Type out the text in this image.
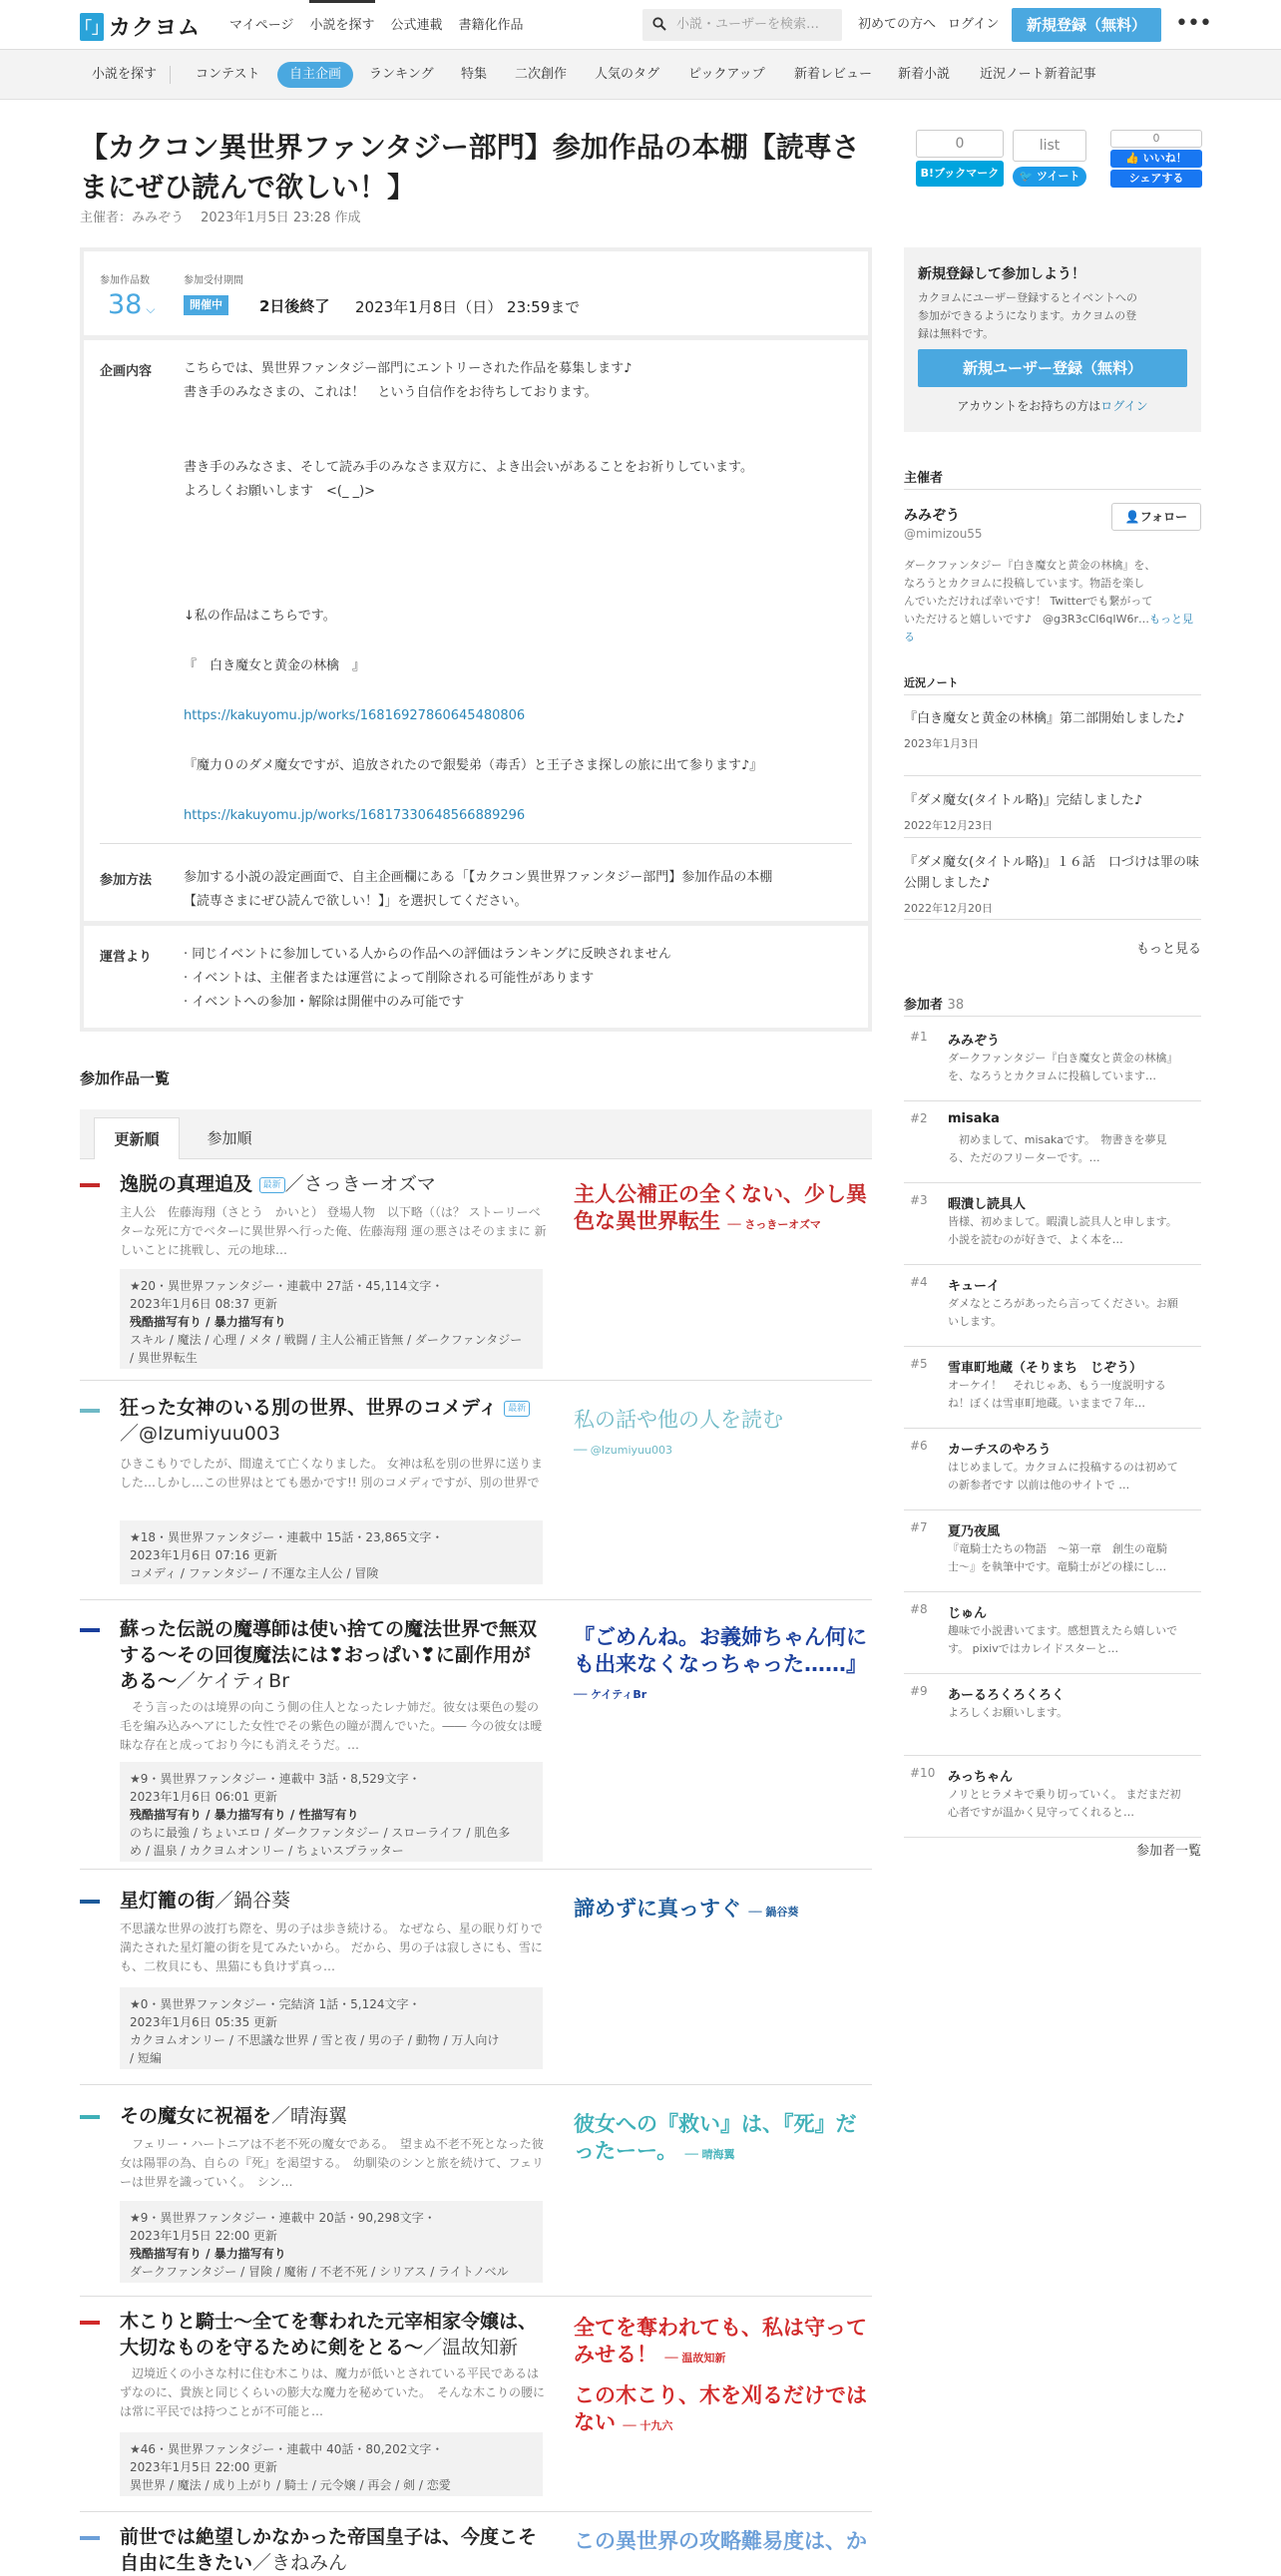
「」 カクヨム マイページ 小説を探す 公式連載 書籍化作品	小説・ユーザーを検索…	初めての方へ ログイン	新規登録（無料）	•••
小説を探す	コンテスト	自主企画	ランキング 特集 二次創作 人気のタグ ピックアップ 新着レビュー 新着小説 近況ノート新着記事
【カクコン異世界ファンタジー部門】参加作品の本棚【読専さまにぜひ読んで欲しい！】
主催者：みみぞう　 2023年1月5日 23:28 作成
0
B!ブックマーク
list
🐦 ツイート
0
👍 いいね！
シェアする
参加作品数
38 ⌵
参加受付期間
開催中	2日後終了 2023年1月8日（日） 23:59まで
企画内容 こちらでは、異世界ファンタジー部門にエントリーされた作品を募集します♪
書き手のみなさまの、これは！　という自信作をお待ちしております。
書き手のみなさま、そして読み手のみなさま双方に、よき出会いがあることをお祈りしています。
よろしくお願いします　<(_ _)>
↓私の作品はこちらです。
『　白き魔女と黄金の林檎　』
https://kakuyomu.jp/works/16816927860645480806
『魔力０のダメ魔女ですが、追放されたので銀髪弟（毒舌）と王子さま探しの旅に出て参ります♪』
https://kakuyomu.jp/works/16817330648566889296
参加方法 参加する小説の設定画面で、自主企画欄にある「【カクコン異世界ファンタジー部門】参加作品の本棚
【読専さまにぜひ読んで欲しい！】」を選択してください。
運営より · 同じイベントに参加している人からの作品への評価はランキングに反映されません
· イベントは、主催者または運営によって削除される可能性があります
· イベントへの参加・解除は開催中のみ可能です
参加作品一覧
更新順	参加順
逸脱の真理追及 最新 ／さっきーオズマ
主人公　佐藤海翔（さとう　かいと） 登場人物　以下略（（は？ ストーリーベターな死に方でベターに異世界へ行った俺、佐藤海翔 運の悪さはそのままに 新しいことに挑戦し、元の地球…
★20・異世界ファンタジー・連載中 27話・45,114文字・
2023年1月6日 08:37 更新
残酷描写有り / 暴力描写有り
スキル / 魔法 / 心理 / メタ / 戦闘 / 主人公補正皆無 / ダークファンタジー
/ 異世界転生
主人公補正の全くない、少し異色な異世界転生 ── さっきーオズマ
狂った女神のいる別の世界、世界のコメディ 最新
／@Izumiyuu003
ひきこもりでしたが、間違えて亡くなりました。 女神は私を別の世界に送りました…しかし…この世界はとても愚かです!! 別のコメディですが、別の世界で
★18・異世界ファンタジー・連載中 15話・23,865文字・
2023年1月6日 07:16 更新
コメディ / ファンタジー / 不運な主人公 / 冒険
私の話や他の人を読む
── @Izumiyuu003
蘇った伝説の魔導師は使い捨ての魔法世界で無双する〜その回復魔法には❣おっぱい❣に副作用がある〜／ケイティBr
　そう言ったのは境界の向こう側の住人となったレナ姉だ。彼女は栗色の髪の毛を編み込みヘアにした女性でその紫色の瞳が潤んでいた。―― 今の彼女は曖昧な存在と成っており今にも消えそうだ。…
★9・異世界ファンタジー・連載中 3話・8,529文字・
2023年1月6日 06:01 更新
残酷描写有り / 暴力描写有り / 性描写有り
のちに最強 / ちょいエロ / ダークファンタジー / スローライフ / 肌色多
め / 温泉 / カクヨムオンリー / ちょいスプラッター
『ごめんね。お義姉ちゃん何にも出来なくなっちゃった……』
── ケイティBr
星灯籠の街／鍋谷葵
不思議な世界の波打ち際を、男の子は歩き続ける。 なぜなら、星の眠り灯りで満たされた星灯籠の街を見てみたいから。 だから、男の子は寂しさにも、雪にも、二枚貝にも、黒猫にも負けず真っ…
★0・異世界ファンタジー・完結済 1話・5,124文字・
2023年1月6日 05:35 更新
カクヨムオンリー / 不思議な世界 / 雪と夜 / 男の子 / 動物 / 万人向け
/ 短編
諦めずに真っすぐ ── 鍋谷葵
その魔女に祝福を／晴海翼
　フェリー・ハートニアは不老不死の魔女である。　望まぬ不老不死となった彼女は陽罪の為、自らの『死』を渇望する。　幼馴染のシンと旅を続けて、フェリーは世界を識っていく。　シン…
★9・異世界ファンタジー・連載中 20話・90,298文字・
2023年1月5日 22:00 更新
残酷描写有り / 暴力描写有り
ダークファンタジー / 冒険 / 魔術 / 不老不死 / シリアス / ライトノベル
彼女への『救い』は、『死』だったーー。 ── 晴海翼
木こりと騎士〜全てを奪われた元宰相家令嬢は、大切なものを守るために剣をとる〜／温故知新
　辺境近くの小さな村に住む木こりは、魔力が低いとされている平民であるはずなのに、貴族と同じくらいの膨大な魔力を秘めていた。　そんな木こりの腰には常に平民では持つことが不可能と…
★46・異世界ファンタジー・連載中 40話・80,202文字・
2023年1月5日 22:00 更新
異世界 / 魔法 / 成り上がり / 騎士 / 元令嬢 / 再会 / 剣 / 恋愛
全てを奪われても、私は守ってみせる！ ── 温故知新
この木こり、木を刈るだけではない ── 十九六
前世では絶望しかなかった帝国皇子は、今度こそ自由に生きたい／きねみん
この異世界の攻略難易度は、か
新規登録して参加しよう！
カクヨムにユーザー登録するとイベントへの
参加ができるようになります。カクヨムの登
録は無料です。
新規ユーザー登録（無料）
アカウントをお持ちの方はログイン
主催者
みみぞう
@mimizou55
👤フォロー
ダークファンタジー『白き魔女と黄金の林檎』を、
なろうとカクヨムに投稿しています。物語を楽し
んでいただければ幸いです！ Twitterでも繋がって
いただけると嬉しいです♪　@g3R3cCl6qIW6r…もっと見る
近況ノート
『白き魔女と黄金の林檎』第二部開始しました♪
2023年1月3日
『ダメ魔女(タイトル略)』完結しました♪
2022年12月23日
『ダメ魔女(タイトル略)』１６話　口づけは罪の味　公開しました♪
2022年12月20日
もっと見る
参加者 38
#1 みみぞう
ダークファンタジー『白き魔女と黄金の林檎』
を、なろうとカクヨムに投稿しています…
#2 misaka
　初めまして、misakaです。　物書きを夢見
る、ただのフリーターです。…
#3 暇潰し読具人
皆様、初めまして。暇潰し読具人と申します。
小説を読むのが好きで、よく本を…
#4 キューイ
ダメなところがあったら言ってください。お願
いします。
#5 雪車町地蔵（そりまち　じぞう）
オーケイ！　それじゃあ、もう一度説明する
ね！ぼくは雪車町地蔵。いままで７年…
#6 カーチスのやろう
はじめまして。カクヨムに投稿するのは初めて
の新参者です 以前は他のサイトで …
#7 夏乃夜風
『竜騎士たちの物語　〜第一章　創生の竜騎
士〜』を執筆中です。竜騎士がどの様にし…
#8 じゅん
趣味で小説書いてます。感想貰えたら嬉しいで
す。 pixivではカレイドスターと…
#9 あーるろくろくろく
よろしくお願いします。
#10 みっちゃん
ノリとヒラメキで乗り切っていく。 まだまだ初
心者ですが温かく見守ってくれると…
参加者一覧
